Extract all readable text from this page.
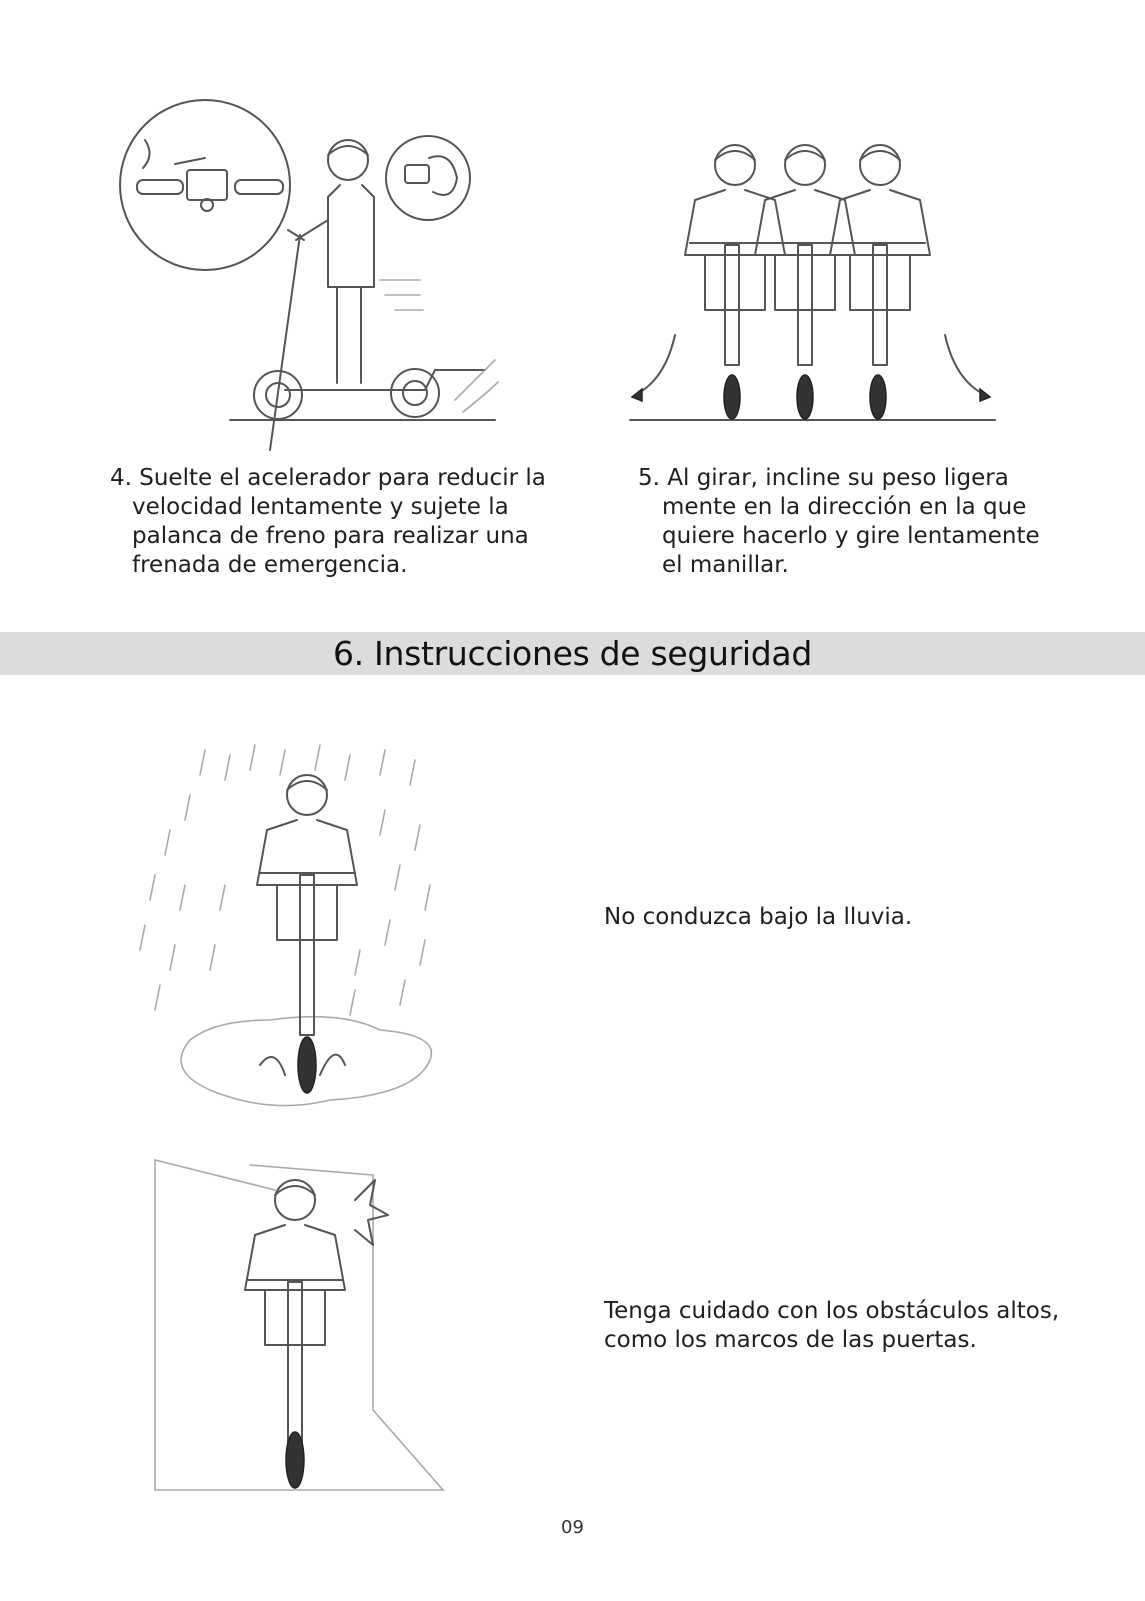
4. Suelte el acelerador para reducir la
velocidad lentamente y sujete la
palanca de freno para realizar una
frenada de emergencia.
5. Al girar, incline su peso ligera
mente en la dirección en la que
quiere hacerlo y gire lentamente
el manillar.
6. Instrucciones de seguridad
No conduzca bajo la lluvia.
Tenga cuidado con los obstáculos altos,
como los marcos de las puertas.
09
